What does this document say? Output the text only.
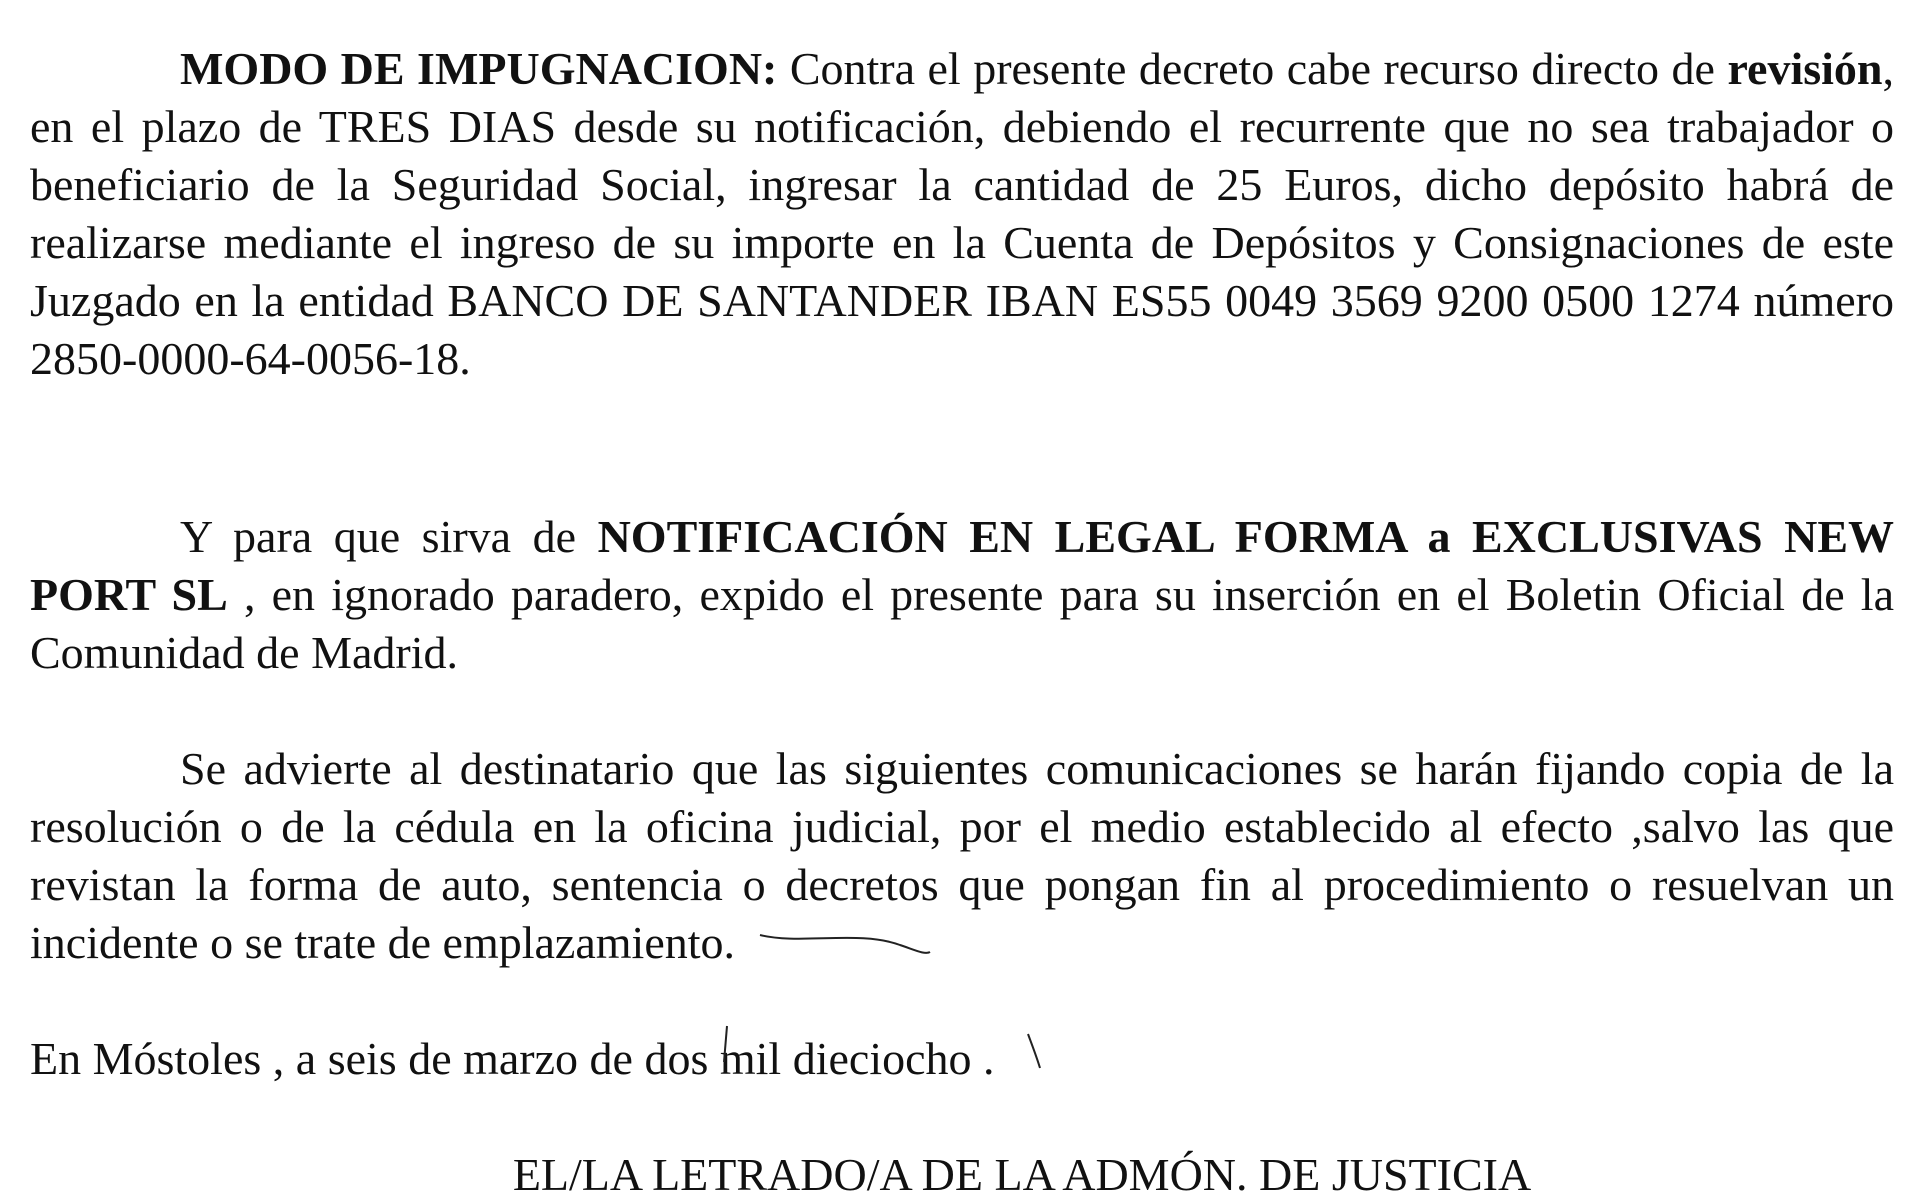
MODO DE IMPUGNACION: Contra el presente decreto cabe recurso directo de revisión, en el plazo de TRES DIAS desde su notificación, debiendo el recurrente que no sea trabajador o beneficiario de la Seguridad Social, ingresar la cantidad de 25 Euros, dicho depósito habrá de realizarse mediante el ingreso de su importe en la Cuenta de Depósitos y Consignaciones de este Juzgado en la entidad BANCO DE SANTANDER IBAN ES55 0049 3569 9200 0500 1274 número 2850-0000-64-0056-18.

Y para que sirva de NOTIFICACIÓN EN LEGAL FORMA a EXCLUSIVAS NEW PORT SL , en ignorado paradero, expido el presente para su inserción en el Boletin Oficial de la Comunidad de Madrid.

Se advierte al destinatario que las siguientes comunicaciones se harán fijando copia de la resolución o de la cédula en la oficina judicial, por el medio establecido al efecto ,salvo las que revistan la forma de auto, sentencia o decretos que pongan fin al procedimiento o resuelvan un incidente o se trate de emplazamiento.

En Móstoles , a seis de marzo de dos mil dieciocho .

EL/LA LETRADO/A DE LA ADMÓN. DE JUSTICIA
